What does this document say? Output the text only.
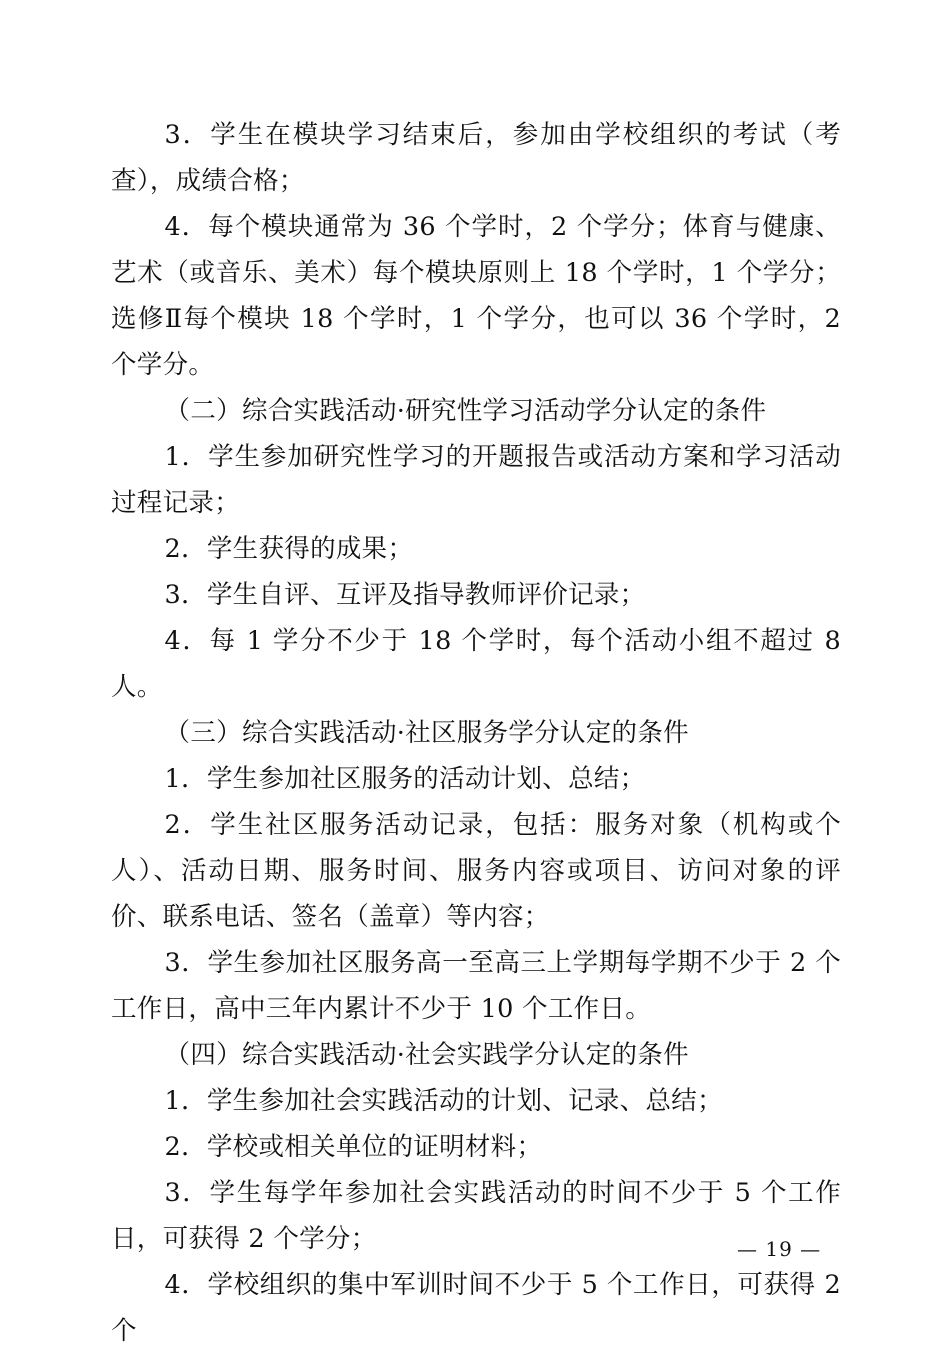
3．学生在模块学习结束后，参加由学校组织的考试（考查），成绩合格；

4．每个模块通常为 36 个学时，2 个学分；体育与健康、艺术（或音乐、美术）每个模块原则上 18 个学时，1 个学分；选修Ⅱ每个模块 18 个学时，1 个学分，也可以 36 个学时，2 个学分。

（二）综合实践活动·研究性学习活动学分认定的条件

1．学生参加研究性学习的开题报告或活动方案和学习活动过程记录；

2．学生获得的成果；

3．学生自评、互评及指导教师评价记录；

4．每 1 学分不少于 18 个学时，每个活动小组不超过 8 人。

（三）综合实践活动·社区服务学分认定的条件

1．学生参加社区服务的活动计划、总结；

2．学生社区服务活动记录，包括：服务对象（机构或个人）、活动日期、服务时间、服务内容或项目、访问对象的评价、联系电话、签名（盖章）等内容；

3．学生参加社区服务高一至高三上学期每学期不少于 2 个工作日，高中三年内累计不少于 10 个工作日。

（四）综合实践活动·社会实践学分认定的条件

1．学生参加社会实践活动的计划、记录、总结；

2．学校或相关单位的证明材料；

3．学生每学年参加社会实践活动的时间不少于 5 个工作日，可获得 2 个学分；

4．学校组织的集中军训时间不少于 5 个工作日，可获得 2 个

— 19 —
